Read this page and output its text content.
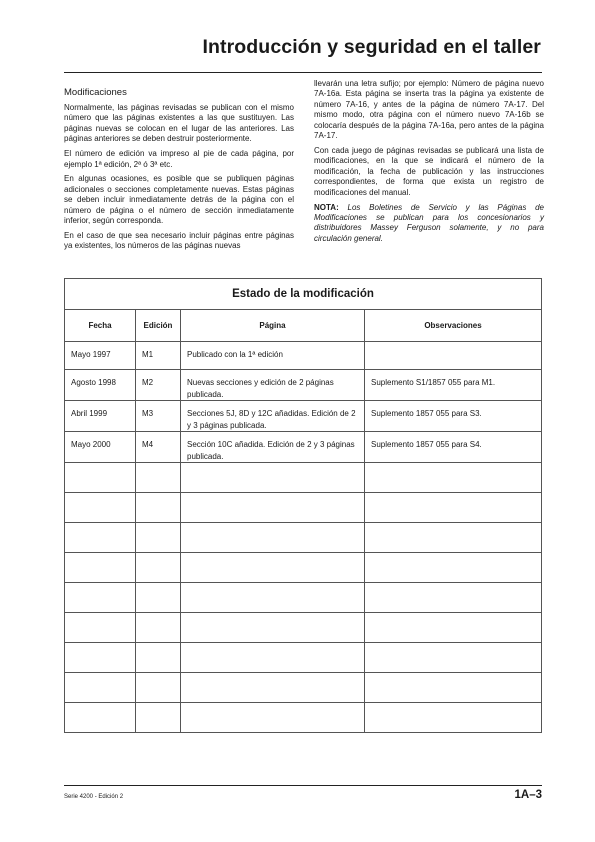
Introducción y seguridad en el taller
Modificaciones

Normalmente, las páginas revisadas se publican con el mismo número que las páginas existentes a las que sustituyen. Las páginas nuevas se colocan en el lugar de las anteriores. Las páginas anteriores se deben destruir posteriormente.

El número de edición va impreso al pie de cada página, por ejemplo 1ª edición, 2ª ó 3ª etc.

En algunas ocasiones, es posible que se publiquen páginas adicionales o secciones completamente nuevas. Estas páginas se deben incluir inmediatamente detrás de la página con el número de página o el número de sección inmediatamente inferior, según corresponda.

En el caso de que sea necesario incluir páginas entre páginas ya existentes, los números de las páginas nuevas

llevarán una letra sufijo; por ejemplo: Número de página nuevo 7A-16a. Esta página se inserta tras la página ya existente de número 7A-16, y antes de la página de número 7A-17. Del mismo modo, otra página con el número nuevo 7A-16b se colocaría después de la página 7A-16a, pero antes de la página 7A-17.

Con cada juego de páginas revisadas se publicará una lista de modificaciones, en la que se indicará el número de la modificación, la fecha de publicación y las instrucciones correspondientes, de forma que exista un registro de modificaciones del manual.

NOTA: Los Boletines de Servicio y las Páginas de Modificaciones se publican para los concesionarios y distribuidores Massey Ferguson solamente, y no para circulación general.

Estado de la modificación			
Fecha	Edición	Página	Observaciones
Mayo 1997	M1	Publicado con la 1ª edición	
Agosto 1998	M2	Nuevas secciones y edición de 2 páginas publicada.	Suplemento S1/1857 055 para M1.
Abril 1999	M3	Secciones 5J, 8D y 12C añadidas. Edición de 2 y 3 páginas publicada.	Suplemento 1857 055 para S3.
Mayo 2000	M4	Sección 10C añadida. Edición de 2 y 3 páginas publicada.	Suplemento 1857 055 para S4.

Serie 4200 - Edición 2	1A–3
